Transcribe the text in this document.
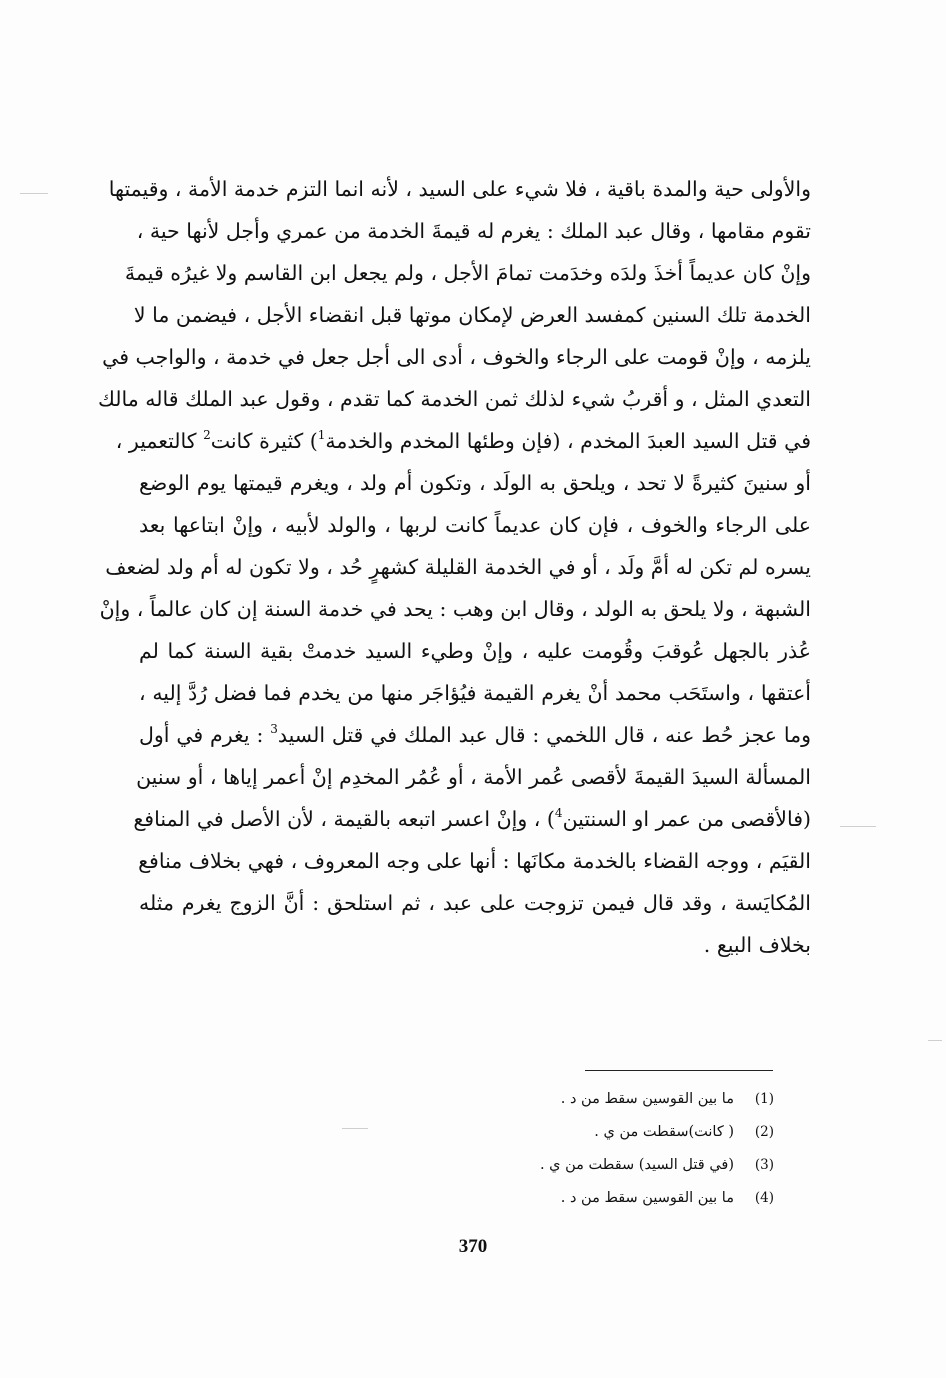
والأولى حية والمدة باقية ، فلا شيء على السيد ، لأنه انما التزم خدمة الأمة ، وقيمتها
تقوم مقامها ، وقال عبد الملك : يغرم له قيمةَ الخدمة من عمري وأجل لأنها حية ،
وإنْ كان عديماً أخذَ ولدَه وخدَمت تمامَ الأجل ، ولم يجعل ابن القاسم ولا غيرُه قيمةَ
الخدمة تلك السنين كمفسد العرض لإمكان موتها قبل انقضاء الأجل ، فيضمن ما لا
يلزمه ، وإنْ قومت على الرجاء والخوف ، أدى الى أجل جعل في خدمة ، والواجب في
التعدي المثل ، و أقربُ شيء لذلك ثمن الخدمة كما تقدم ، وقول عبد الملك قاله مالك
في قتل السيد العبدَ المخدم ، (فإن وطئها المخدم والخدمة$^1$) كثيرة كانت$^2$ كالتعمير ،
أو سنينَ كثيرةً لا تحد ، ويلحق به الولَد ، وتكون أم ولد ، ويغرم قيمتها يوم الوضع
على الرجاء والخوف ، فإن كان عديماً كانت لربها ، والولد لأبيه ، وإنْ ابتاعها بعد
يسره لم تكن له أمَّ ولَد ، أو في الخدمة القليلة كشهرٍ حُد ، ولا تكون له أم ولد لضعف
الشبهة ، ولا يلحق به الولد ، وقال ابن وهب : يحد في خدمة السنة إن كان عالماً ، وإنْ
عُذر بالجهل عُوقبَ وقُومت عليه ، وإنْ وطيء السيد خدمتْ بقية السنة كما لم
أعتقها ، واستَحَب محمد أنْ يغرم القيمة فيُؤاجَر منها من يخدم فما فضل رُدَّ إليه ،
وما عجز حُط عنه ، قال اللخمي : قال عبد الملك في قتل السيد$^3$ : يغرم في أول
المسألة السيدَ القيمةَ لأقصى عُمر الأمة ، أو عُمُر المخدِم إنْ أعمر إياها ، أو سنين
(فالأقصى من عمر او السنتين$^4$) ، وإنْ اعسر اتبعه بالقيمة ، لأن الأصل في المنافع
القيَم ، ووجه القضاء بالخدمة مكانَها : أنها على وجه المعروف ، فهي بخلاف منافع
المُكايَسة ، وقد قال فيمن تزوجت على عبد ، ثم استلحق : أنَّ الزوج يغرم مثله
بخلاف البيع .
(1)
ما بين القوسين سقط من د .
(2)
( كانت)سقطت من ي .
(3)
(في قتل السيد) سقطت من ي .
(4)
ما بين القوسين سقط من د .
370
